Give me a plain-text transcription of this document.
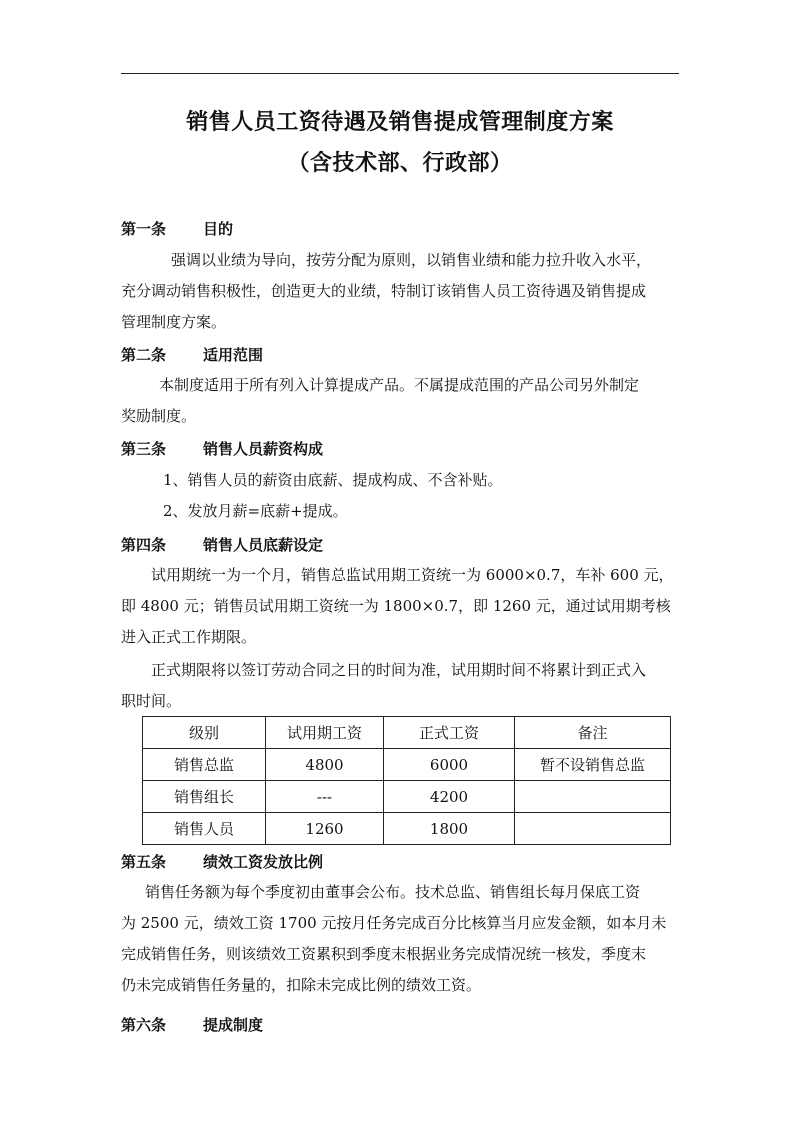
销售人员工资待遇及销售提成管理制度方案
（含技术部、行政部）
第一条 目的
强调以业绩为导向，按劳分配为原则，以销售业绩和能力拉升收入水平，
充分调动销售积极性，创造更大的业绩，特制订该销售人员工资待遇及销售提成
管理制度方案。
第二条 适用范围
本制度适用于所有列入计算提成产品。不属提成范围的产品公司另外制定
奖励制度。
第三条 销售人员薪资构成
1、销售人员的薪资由底薪、提成构成、不含补贴。
2、发放月薪=底薪+提成。
第四条 销售人员底薪设定
试用期统一为一个月，销售总监试用期工资统一为 6000×0.7，车补 600 元，
即 4800 元；销售员试用期工资统一为 1800×0.7，即 1260 元，通过试用期考核
进入正式工作期限。
正式期限将以签订劳动合同之日的时间为准，试用期时间不将累计到正式入
职时间。
级别	试用期工资	正式工资	备注
销售总监	4800	6000	暂不设销售总监
销售组长	---	4200	
销售人员	1260	1800	
第五条 绩效工资发放比例
销售任务额为每个季度初由董事会公布。技术总监、销售组长每月保底工资
为 2500 元，绩效工资 1700 元按月任务完成百分比核算当月应发金额，如本月未
完成销售任务，则该绩效工资累积到季度末根据业务完成情况统一核发，季度末
仍未完成销售任务量的，扣除未完成比例的绩效工资。
第六条 提成制度
